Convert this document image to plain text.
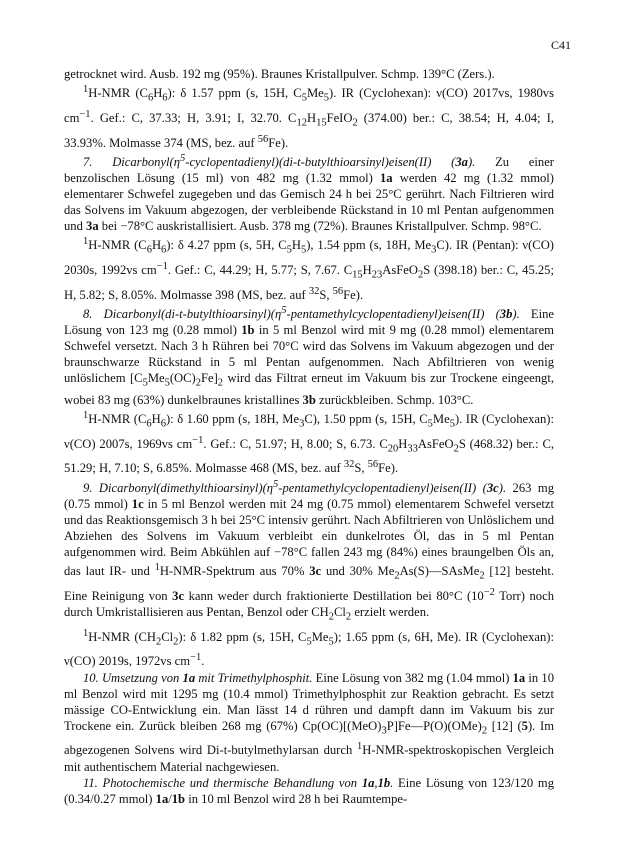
C41

getrocknet wird. Ausb. 192 mg (95%). Braunes Kristallpulver. Schmp. 139°C (Zers.).

$^1$H-NMR $(C_6H_6)$: δ 1.57 ppm (s, 15H, $C_5Me_5$). IR (Cyclohexan): ν(CO) 2017vs, 1980vs $cm^{-1}$. Gef.: C, 37.33; H, 3.91; I, 32.70. $C_{12}H_{15}FeIO_2$ (374.00) ber.: C, 38.54; H, 4.04; I, 33.93%. Molmasse 374 (MS, bez. auf $^{56}$Fe).

7. $Dicarbonyl(\eta^5-cyclopentadienyl)(di-t-butylthioarsinyl)eisen(II)$ (3a). Zu einer benzolischen Lösung (15 ml) von 482 mg (1.32 mmol) 1a werden 42 mg (1.32 mmol) elementarer Schwefel zugegeben und das Gemisch 24 h bei 25°C gerührt. Nach Filtrieren wird das Solvens im Vakuum abgezogen, der verbleibende Rückstand in 10 ml Pentan aufgenommen und 3a bei −78°C auskristallisiert. Ausb. 378 mg (72%). Braunes Kristallpulver. Schmp. 98°C.

$^1$H-NMR $(C_6H_6)$: δ 4.27 ppm (s, 5H, $C_5H_5$), 1.54 ppm (s, 18H, $Me_3C$). IR (Pentan): ν(CO) 2030s, 1992vs $cm^{-1}$. Gef.: C, 44.29; H, 5.77; S, 7.67. $C_{15}H_{23}AsFeO_2S$ (398.18) ber.: C, 45.25; H, 5.82; S, 8.05%. Molmasse 398 (MS, bez. auf $^{32}$S, $^{56}$Fe).

8. $Dicarbonyl(di-t-butylthioarsinyl)(\eta^5-pentamethylcyclopentadienyl)eisen(II)$ (3b). Eine Lösung von 123 mg (0.28 mmol) 1b in 5 ml Benzol wird mit 9 mg (0.28 mmol) elementarem Schwefel versetzt. Nach 3 h Rühren bei 70°C wird das Solvens im Vakuum abgezogen und der braunschwarze Rückstand in 5 ml Pentan aufgenommen. Nach Abfiltrieren von wenig unlöslichem $[C_5Me_5(OC)_2Fe]_2$ wird das Filtrat erneut im Vakuum bis zur Trockene eingeengt, wobei 83 mg (63%) dunkelbraunes kristallines 3b zurückbleiben. Schmp. 103°C.

$^1$H-NMR $(C_6H_6)$: δ 1.60 ppm (s, 18H, $Me_3C$), 1.50 ppm (s, 15H, $C_5Me_5$). IR (Cyclohexan): ν(CO) 2007s, 1969vs $cm^{-1}$. Gef.: C, 51.97; H, 8.00; S, 6.73. $C_{20}H_{33}AsFeO_2S$ (468.32) ber.: C, 51.29; H, 7.10; S, 6.85%. Molmasse 468 (MS, bez. auf $^{32}$S, $^{56}$Fe).

9. $Dicarbonyl(dimethylthioarsinyl)(\eta^5-pentamethylcyclopentadienyl)eisen(II)$ (3c). 263 mg (0.75 mmol) 1c in 5 ml Benzol werden mit 24 mg (0.75 mmol) elementarem Schwefel versetzt und das Reaktionsgemisch 3 h bei 25°C intensiv gerührt. Nach Abfiltrieren von Unlöslichem und Abziehen des Solvens im Vakuum verbleibt ein dunkelrotes Öl, das in 5 ml Pentan aufgenommen wird. Beim Abkühlen auf −78°C fallen 243 mg (84%) eines braungelben Öls an, das laut IR- und $^1$H-NMR-Spektrum aus 70% 3c und 30% $Me_2As(S)—SAsMe_2$ [12] besteht. Eine Reinigung von 3c kann weder durch fraktionierte Destillation bei 80°C ($10^{-2}$ Torr) noch durch Umkristallisieren aus Pentan, Benzol oder $CH_2Cl_2$ erzielt werden.

$^1$H-NMR $(CH_2Cl_2)$: δ 1.82 ppm (s, 15H, $C_5Me_5$); 1.65 ppm (s, 6H, Me). IR (Cyclohexan): ν(CO) 2019s, 1972vs $cm^{-1}$.

10. Umsetzung von 1a mit Trimethylphosphit. Eine Lösung von 382 mg (1.04 mmol) 1a in 10 ml Benzol wird mit 1295 mg (10.4 mmol) Trimethylphosphit zur Reaktion gebracht. Es setzt mässige CO-Entwicklung ein. Man lässt 14 d rühren und dampft dann im Vakuum bis zur Trockene ein. Zurück bleiben 268 mg (67%) $Cp(OC)[(MeO)_3P]Fe—P(O)(OMe)_2$ [12] (5). Im abgezogenen Solvens wird Di-t-butylmethylarsan durch $^1$H-NMR-spektroskopischen Vergleich mit authentischem Material nachgewiesen.

11. Photochemische und thermische Behandlung von 1a,1b. Eine Lösung von 123/120 mg (0.34/0.27 mmol) 1a/1b in 10 ml Benzol wird 28 h bei Raumtempe-
